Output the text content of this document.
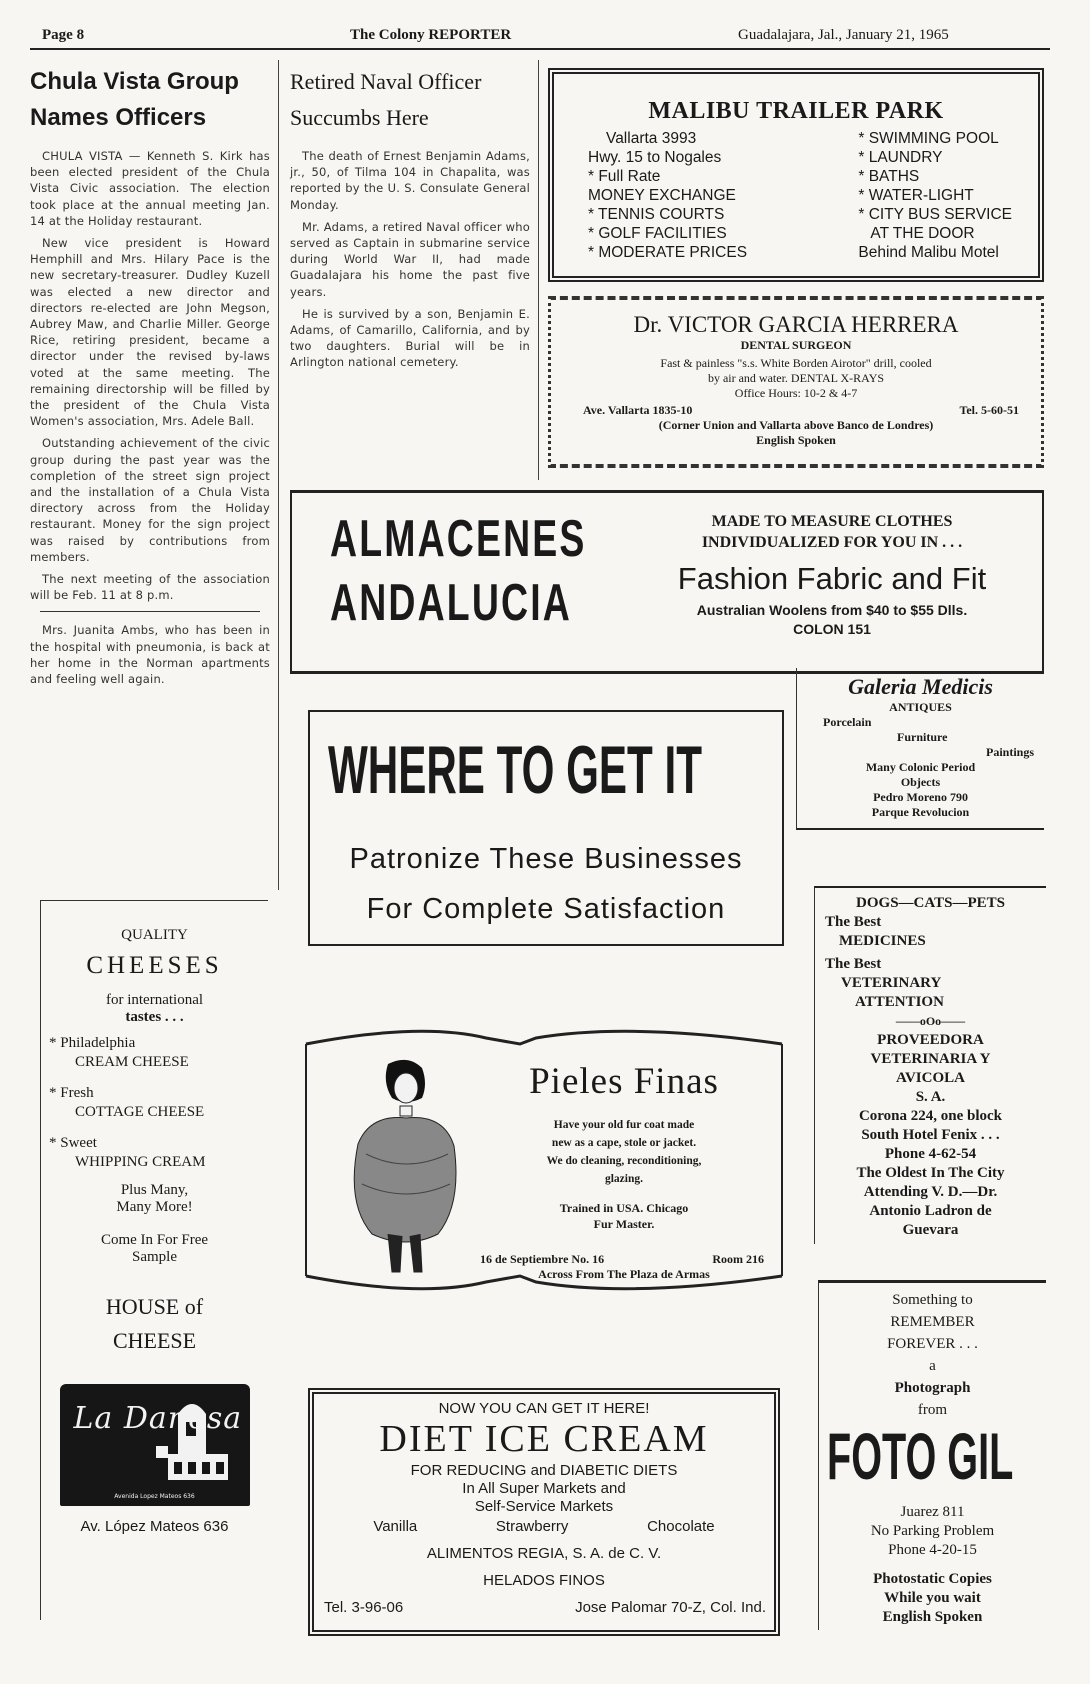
Page 8	The Colony REPORTER	Guadalajara, Jal., January 21, 1965
Chula Vista Group
Names Officers

CHULA VISTA — Kenneth S. Kirk has been elected president of the Chula Vista Civic association. The election took place at the annual meeting Jan. 14 at the Holiday restaurant.

New vice president is Howard Hemphill and Mrs. Hilary Pace is the new secretary-treasurer. Dudley Kuzell was elected a new director and directors re-elected are John Megson, Aubrey Maw, and Charlie Miller. George Rice, retiring president, became a director under the revised by-laws voted at the same meeting. The remaining directorship will be filled by the president of the Chula Vista Women's association, Mrs. Adele Ball.

Outstanding achievement of the civic group during the past year was the completion of the street sign project and the installation of a Chula Vista directory across from the Holiday restaurant. Money for the sign project was raised by contributions from members.

The next meeting of the association will be Feb. 11 at 8 p.m.

Mrs. Juanita Ambs, who has been in the hospital with pneumonia, is back at her home in the Norman apartments and feeling well again.

Retired Naval Officer
Succumbs Here

The death of Ernest Benjamin Adams, jr., 50, of Tilma 104 in Chapalita, was reported by the U. S. Consulate General Monday.

Mr. Adams, a retired Naval officer who served as Captain in submarine service during World War II, had made Guadalajara his home the past five years.

He is survived by a son, Benjamin E. Adams, of Camarillo, California, and by two daughters. Burial will be in Arlington national cemetery.

MALIBU TRAILER PARK
Vallarta 3993
Hwy. 15 to Nogales
* Full Rate
MONEY EXCHANGE
* TENNIS COURTS
* GOLF FACILITIES
* MODERATE PRICES
* SWIMMING POOL
* LAUNDRY
* BATHS
* WATER-LIGHT
* CITY BUS SERVICE
AT THE DOOR
Behind Malibu Motel
Dr. VICTOR GARCIA HERRERA
DENTAL SURGEON
Fast & painless "s.s. White Borden Airotor" drill, cooled
by air and water. DENTAL X-RAYS
Office Hours: 10-2 & 4-7
Ave. Vallarta 1835-10	Tel. 5-60-51
(Corner Union and Vallarta above Banco de Londres)
English Spoken
ALMACENES
ANDALUCIA
MADE TO MEASURE CLOTHES
INDIVIDUALIZED FOR YOU IN . . .
Fashion Fabric and Fit
Australian Woolens from $40 to $55 Dlls.
COLON 151
Galeria Medicis
ANTIQUES
Porcelain
Furniture
Paintings
Many Colonic Period
Objects
Pedro Moreno 790
Parque Revolucion
WHERE TO GET IT
Patronize These Businesses
For Complete Satisfaction
QUALITY
CHEESES
for international
tastes . . .
* Philadelphia
CREAM CHEESE
* Fresh
COTTAGE CHEESE
* Sweet
WHIPPING CREAM
Plus Many,
Many More!
Come In For Free
Sample
HOUSE of
CHEESE
La Danesa
Avenida Lopez Mateos 636
Av. López Mateos 636
Pieles Finas
Have your old fur coat made
new as a cape, stole or jacket.
We do cleaning, reconditioning,
glazing.
Trained in USA. Chicago
Fur Master.
16 de Septiembre No. 16	Room 216
Across From The Plaza de Armas
DOGS—CATS—PETS
The Best
MEDICINES
The Best
VETERINARY
ATTENTION
——oOo——
PROVEEDORA
VETERINARIA Y
AVICOLA
S. A.
Corona 224, one block
South Hotel Fenix . . .
Phone 4-62-54
The Oldest In The City
Attending V. D.—Dr.
Antonio Ladron de
Guevara
Something to
REMEMBER
FOREVER . . .
a
Photograph
from
FOTO GIL
Juarez 811
No Parking Problem
Phone 4-20-15
Photostatic Copies
While you wait
English Spoken
NOW YOU CAN GET IT HERE!
DIET ICE CREAM
FOR REDUCING and DIABETIC DIETS
In All Super Markets and
Self-Service Markets
Vanilla	Strawberry	Chocolate
ALIMENTOS REGIA, S. A. de C. V.
HELADOS FINOS
Tel. 3-96-06	Jose Palomar 70-Z, Col. Ind.
